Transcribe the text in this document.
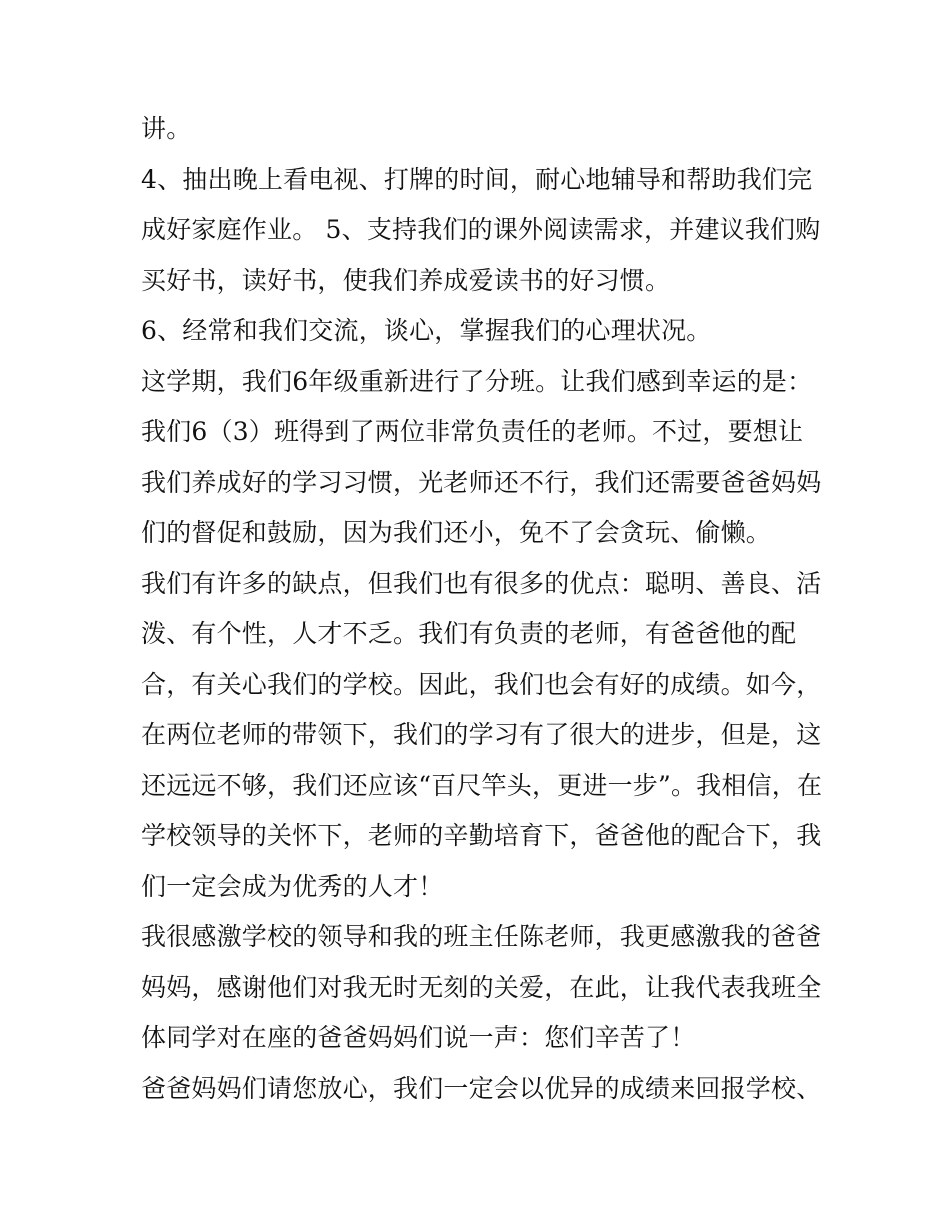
讲。
4、抽出晚上看电视、打牌的时间，耐心地辅导和帮助我们完
成好家庭作业。 5、支持我们的课外阅读需求，并建议我们购
买好书，读好书，使我们养成爱读书的好习惯。
6、经常和我们交流，谈心，掌握我们的心理状况。
这学期，我们6年级重新进行了分班。让我们感到幸运的是：
我们6（3）班得到了两位非常负责任的老师。不过，要想让
我们养成好的学习习惯，光老师还不行，我们还需要爸爸妈妈
们的督促和鼓励，因为我们还小，免不了会贪玩、偷懒。
我们有许多的缺点，但我们也有很多的优点：聪明、善良、活
泼、有个性，人才不乏。我们有负责的老师，有爸爸他的配
合，有关心我们的学校。因此，我们也会有好的成绩。如今，
在两位老师的带领下，我们的学习有了很大的进步，但是，这
还远远不够，我们还应该“百尺竿头，更进一步”。我相信，在
学校领导的关怀下，老师的辛勤培育下，爸爸他的配合下，我
们一定会成为优秀的人才！
我很感激学校的领导和我的班主任陈老师，我更感激我的爸爸
妈妈，感谢他们对我无时无刻的关爱，在此，让我代表我班全
体同学对在座的爸爸妈妈们说一声：您们辛苦了！
爸爸妈妈们请您放心，我们一定会以优异的成绩来回报学校、
